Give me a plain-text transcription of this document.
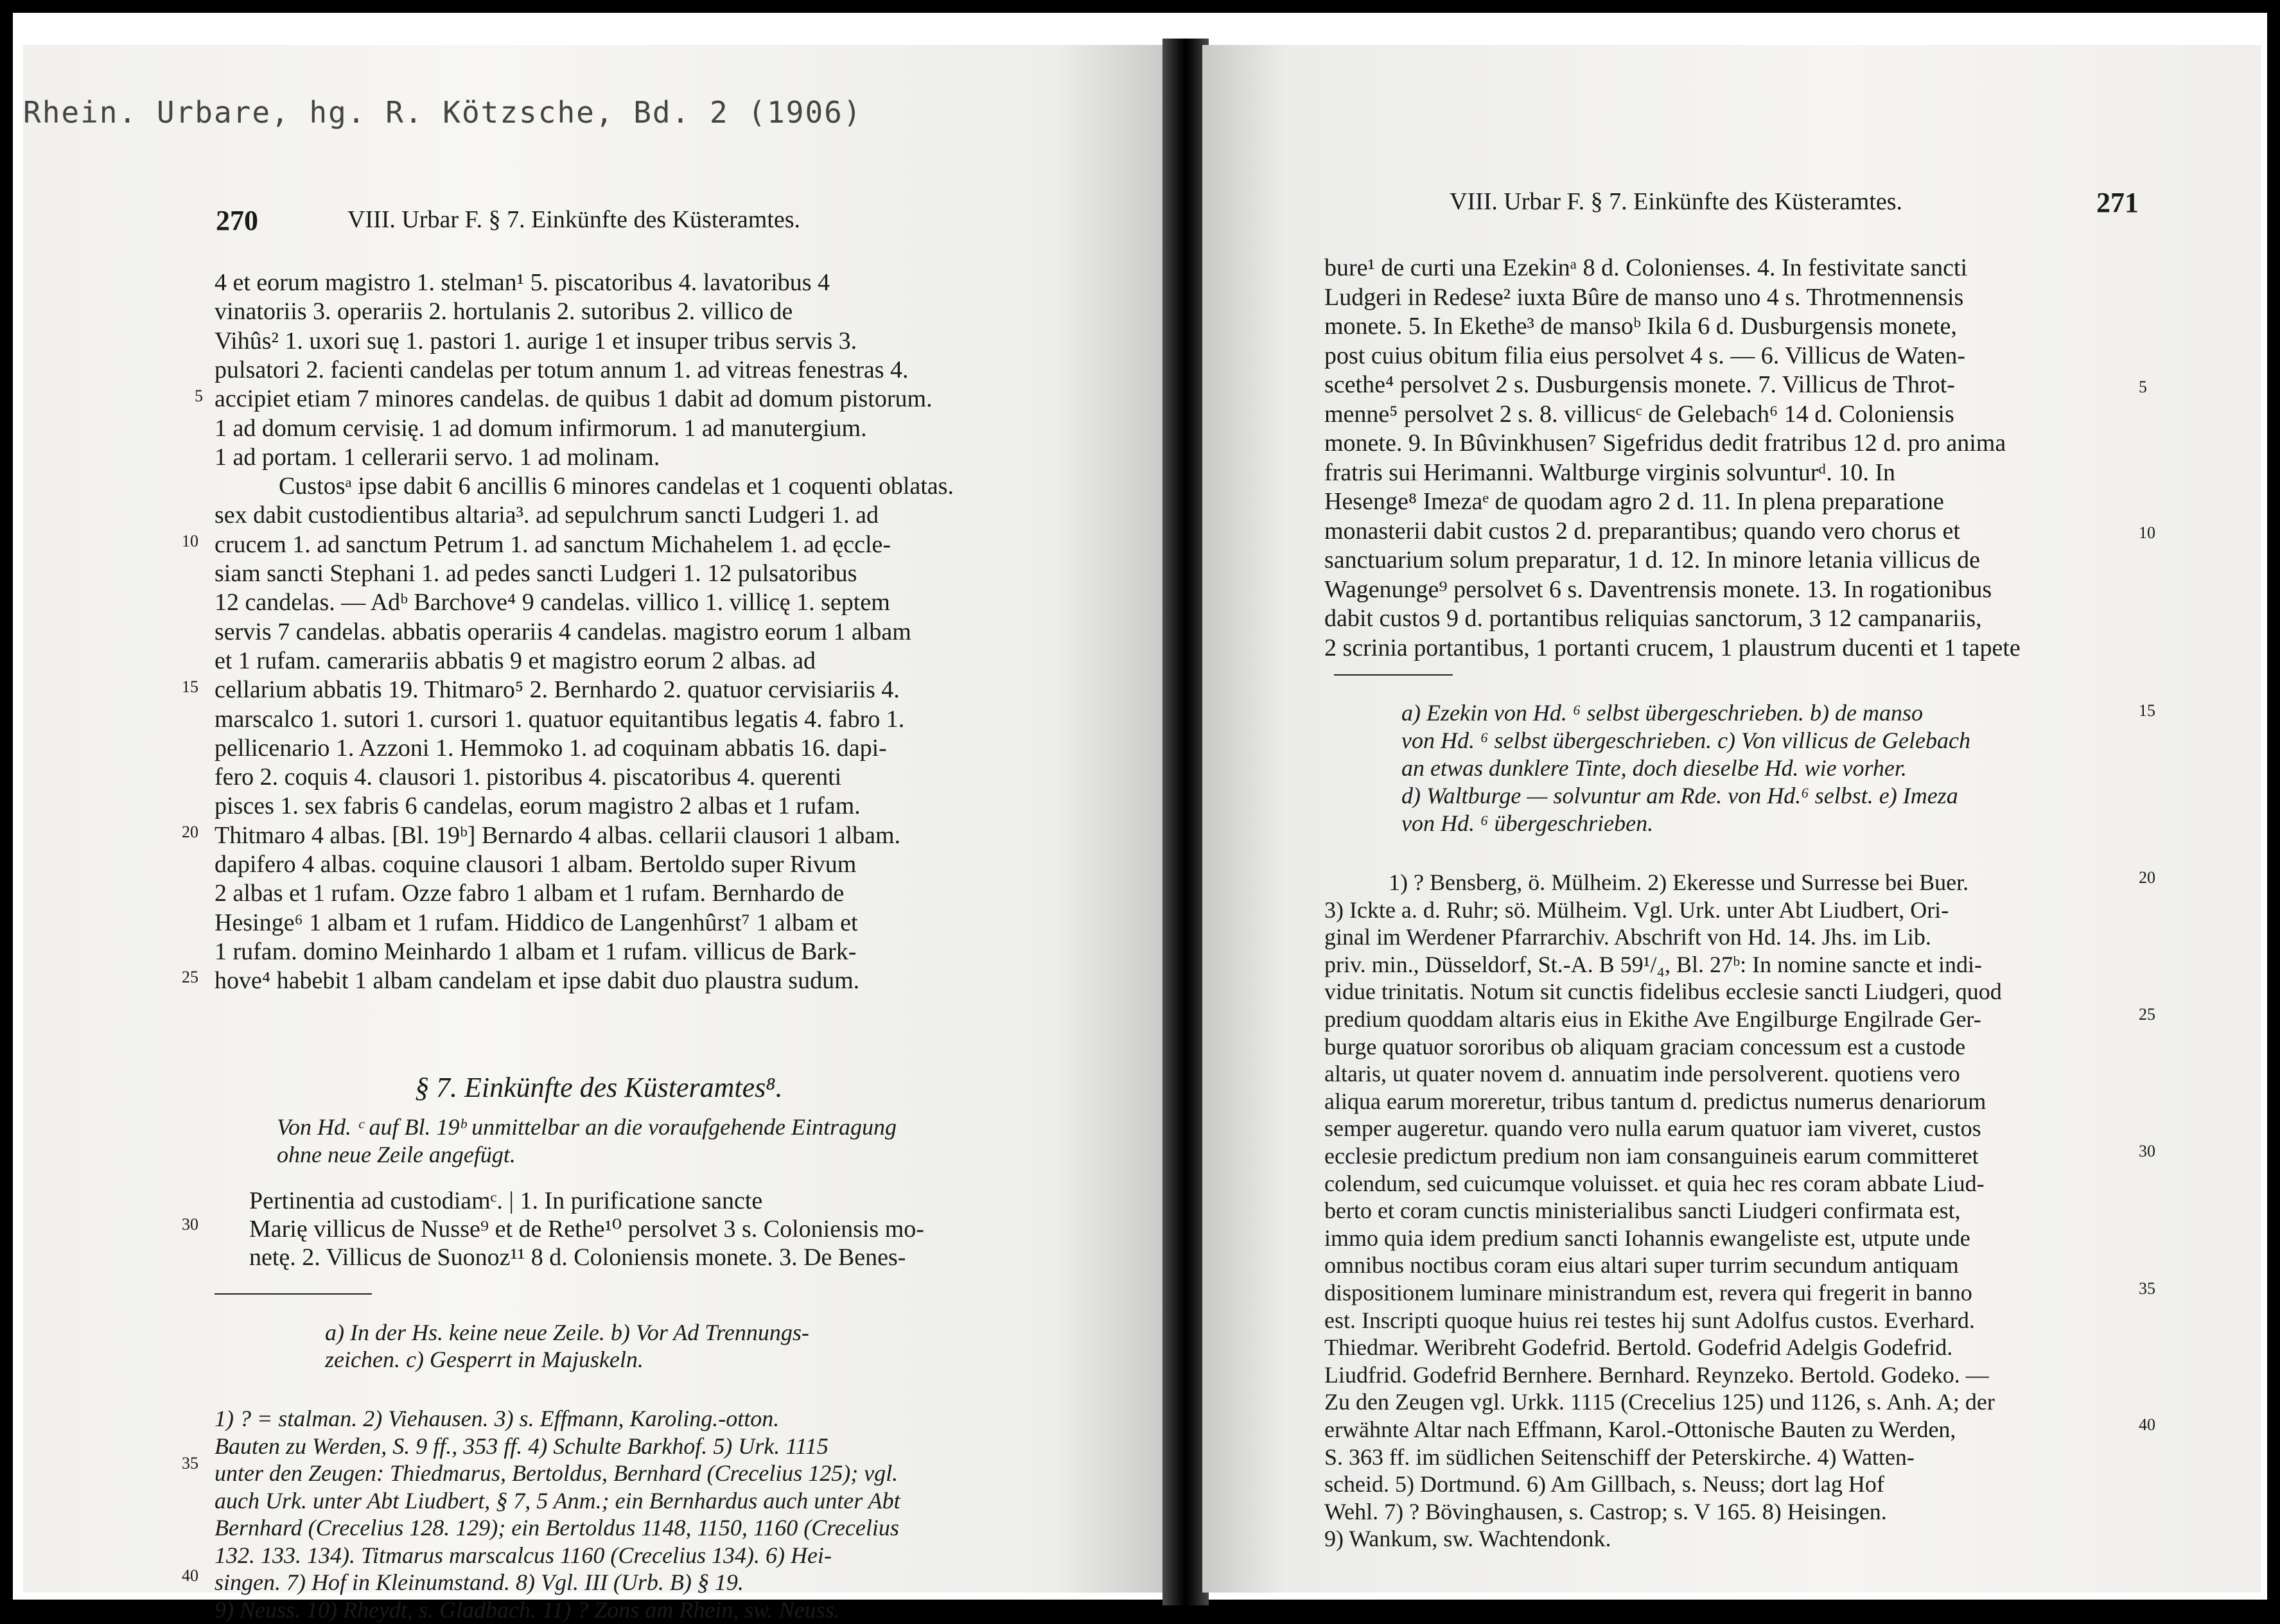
Rhein. Urbare, hg. R. Kötzsche, Bd. 2 (1906)
270	VIII. Urbar F. § 7. Einkünfte des Küsteramtes.
4 et eorum magistro 1. stelman¹ 5. piscatoribus 4. lavatoribus 4
vinatoriis 3. operariis 2. hortulanis 2. sutoribus 2. villico de
Vihûs² 1. uxori suę 1. pastori 1. aurige 1 et insuper tribus servis 3.
pulsatori 2. facienti candelas per totum annum 1. ad vitreas fenestras 4.
accipiet etiam 7 minores candelas. de quibus 1 dabit ad domum pistorum.
1 ad domum cervisię. 1 ad domum infirmorum. 1 ad manutergium.
1 ad portam. 1 cellerarii servo. 1 ad molinam.
Custosᵃ ipse dabit 6 ancillis 6 minores candelas et 1 coquenti oblatas.
sex dabit custodientibus altaria³. ad sepulchrum sancti Ludgeri 1. ad
crucem 1. ad sanctum Petrum 1. ad sanctum Michahelem 1. ad ęccle-
siam sancti Stephani 1. ad pedes sancti Ludgeri 1. 12 pulsatoribus
12 candelas. — Adᵇ Barchove⁴ 9 candelas. villico 1. villicę 1. septem
servis 7 candelas. abbatis operariis 4 candelas. magistro eorum 1 albam
et 1 rufam. camerariis abbatis 9 et magistro eorum 2 albas. ad
cellarium abbatis 19. Thitmaro⁵ 2. Bernhardo 2. quatuor cervisiariis 4.
marscalco 1. sutori 1. cursori 1. quatuor equitantibus legatis 4. fabro 1.
pellicenario 1. Azzoni 1. Hemmoko 1. ad coquinam abbatis 16. dapi-
fero 2. coquis 4. clausori 1. pistoribus 4. piscatoribus 4. querenti
pisces 1. sex fabris 6 candelas, eorum magistro 2 albas et 1 rufam.
Thitmaro 4 albas. [Bl. 19ᵇ] Bernardo 4 albas. cellarii clausori 1 albam.
dapifero 4 albas. coquine clausori 1 albam. Bertoldo super Rivum
2 albas et 1 rufam. Ozze fabro 1 albam et 1 rufam. Bernhardo de
Hesinge⁶ 1 albam et 1 rufam. Hiddico de Langenhûrst⁷ 1 albam et
1 rufam. domino Meinhardo 1 albam et 1 rufam. villicus de Bark-
hove⁴ habebit 1 albam candelam et ipse dabit duo plaustra sudum.
§ 7. Einkünfte des Küsteramtes⁸.
Von Hd. ᶜ auf Bl. 19ᵇ unmittelbar an die voraufgehende Eintragung
ohne neue Zeile angefügt.
Pertinentia ad custodiamᶜ. | 1. In purificatione sancte
Marię villicus de Nusse⁹ et de Rethe¹⁰ persolvet 3 s. Coloniensis mo-
netę. 2. Villicus de Suonoz¹¹ 8 d. Coloniensis monete. 3. De Benes-
a) In der Hs. keine neue Zeile. b) Vor Ad Trennungs-
zeichen. c) Gesperrt in Majuskeln.
1) ? = stalman. 2) Viehausen. 3) s. Effmann, Karoling.-otton.
Bauten zu Werden, S. 9 ff., 353 ff. 4) Schulte Barkhof. 5) Urk. 1115
unter den Zeugen: Thiedmarus, Bertoldus, Bernhard (Crecelius 125); vgl.
auch Urk. unter Abt Liudbert, § 7, 5 Anm.; ein Bernhardus auch unter Abt
Bernhard (Crecelius 128. 129); ein Bertoldus 1148, 1150, 1160 (Crecelius
132. 133. 134). Titmarus marscalcus 1160 (Crecelius 134). 6) Hei-
singen. 7) Hof in Kleinumstand. 8) Vgl. III (Urb. B) § 19.
9) Neuss. 10) Rheydt, s. Gladbach. 11) ? Zons am Rhein, sw. Neuss.
5
10
15
20
25
30
35
40
VIII. Urbar F. § 7. Einkünfte des Küsteramtes.	271
bure¹ de curti una Ezekinᵃ 8 d. Colonienses. 4. In festivitate sancti
Ludgeri in Redese² iuxta Bûre de manso uno 4 s. Throtmennensis
monete. 5. In Ekethe³ de mansoᵇ Ikila 6 d. Dusburgensis monete,
post cuius obitum filia eius persolvet 4 s. — 6. Villicus de Waten-
scethe⁴ persolvet 2 s. Dusburgensis monete. 7. Villicus de Throt-
menne⁵ persolvet 2 s. 8. villicusᶜ de Gelebach⁶ 14 d. Coloniensis
monete. 9. In Bûvinkhusen⁷ Sigefridus dedit fratribus 12 d. pro anima
fratris sui Herimanni. Waltburge virginis solvunturᵈ. 10. In
Hesenge⁸ Imezaᵉ de quodam agro 2 d. 11. In plena preparatione
monasterii dabit custos 2 d. preparantibus; quando vero chorus et
sanctuarium solum preparatur, 1 d. 12. In minore letania villicus de
Wagenunge⁹ persolvet 6 s. Daventrensis monete. 13. In rogationibus
dabit custos 9 d. portantibus reliquias sanctorum, 3 12 campanariis,
2 scrinia portantibus, 1 portanti crucem, 1 plaustrum ducenti et 1 tapete
a) Ezekin von Hd. ⁶ selbst übergeschrieben. b) de manso
von Hd. ⁶ selbst übergeschrieben. c) Von villicus de Gelebach
an etwas dunklere Tinte, doch dieselbe Hd. wie vorher.
d) Waltburge — solvuntur am Rde. von Hd.⁶ selbst. e) Imeza
von Hd. ⁶ übergeschrieben.
1) ? Bensberg, ö. Mülheim. 2) Ekeresse und Surresse bei Buer.
3) Ickte a. d. Ruhr; sö. Mülheim. Vgl. Urk. unter Abt Liudbert, Ori-
ginal im Werdener Pfarrarchiv. Abschrift von Hd. 14. Jhs. im Lib.
priv. min., Düsseldorf, St.-A. B 59¹/₄, Bl. 27ᵇ: In nomine sancte et indi-
vidue trinitatis. Notum sit cunctis fidelibus ecclesie sancti Liudgeri, quod
predium quoddam altaris eius in Ekithe Ave Engilburge Engilrade Ger-
burge quatuor sororibus ob aliquam graciam concessum est a custode
altaris, ut quater novem d. annuatim inde persolverent. quotiens vero
aliqua earum moreretur, tribus tantum d. predictus numerus denariorum
semper augeretur. quando vero nulla earum quatuor iam viveret, custos
ecclesie predictum predium non iam consanguineis earum committeret
colendum, sed cuicumque voluisset. et quia hec res coram abbate Liud-
berto et coram cunctis ministerialibus sancti Liudgeri confirmata est,
immo quia idem predium sancti Iohannis ewangeliste est, utpute unde
omnibus noctibus coram eius altari super turrim secundum antiquam
dispositionem luminare ministrandum est, revera qui fregerit in banno
est. Inscripti quoque huius rei testes hij sunt Adolfus custos. Everhard.
Thiedmar. Weribreht Godefrid. Bertold. Godefrid Adelgis Godefrid.
Liudfrid. Godefrid Bernhere. Bernhard. Reynzeko. Bertold. Godeko. —
Zu den Zeugen vgl. Urkk. 1115 (Crecelius 125) und 1126, s. Anh. A; der
erwähnte Altar nach Effmann, Karol.-Ottonische Bauten zu Werden,
S. 363 ff. im südlichen Seitenschiff der Peterskirche. 4) Watten-
scheid. 5) Dortmund. 6) Am Gillbach, s. Neuss; dort lag Hof
Wehl. 7) ? Bövinghausen, s. Castrop; s. V 165. 8) Heisingen.
9) Wankum, sw. Wachtendonk.
5
10
15
20
25
30
35
40
